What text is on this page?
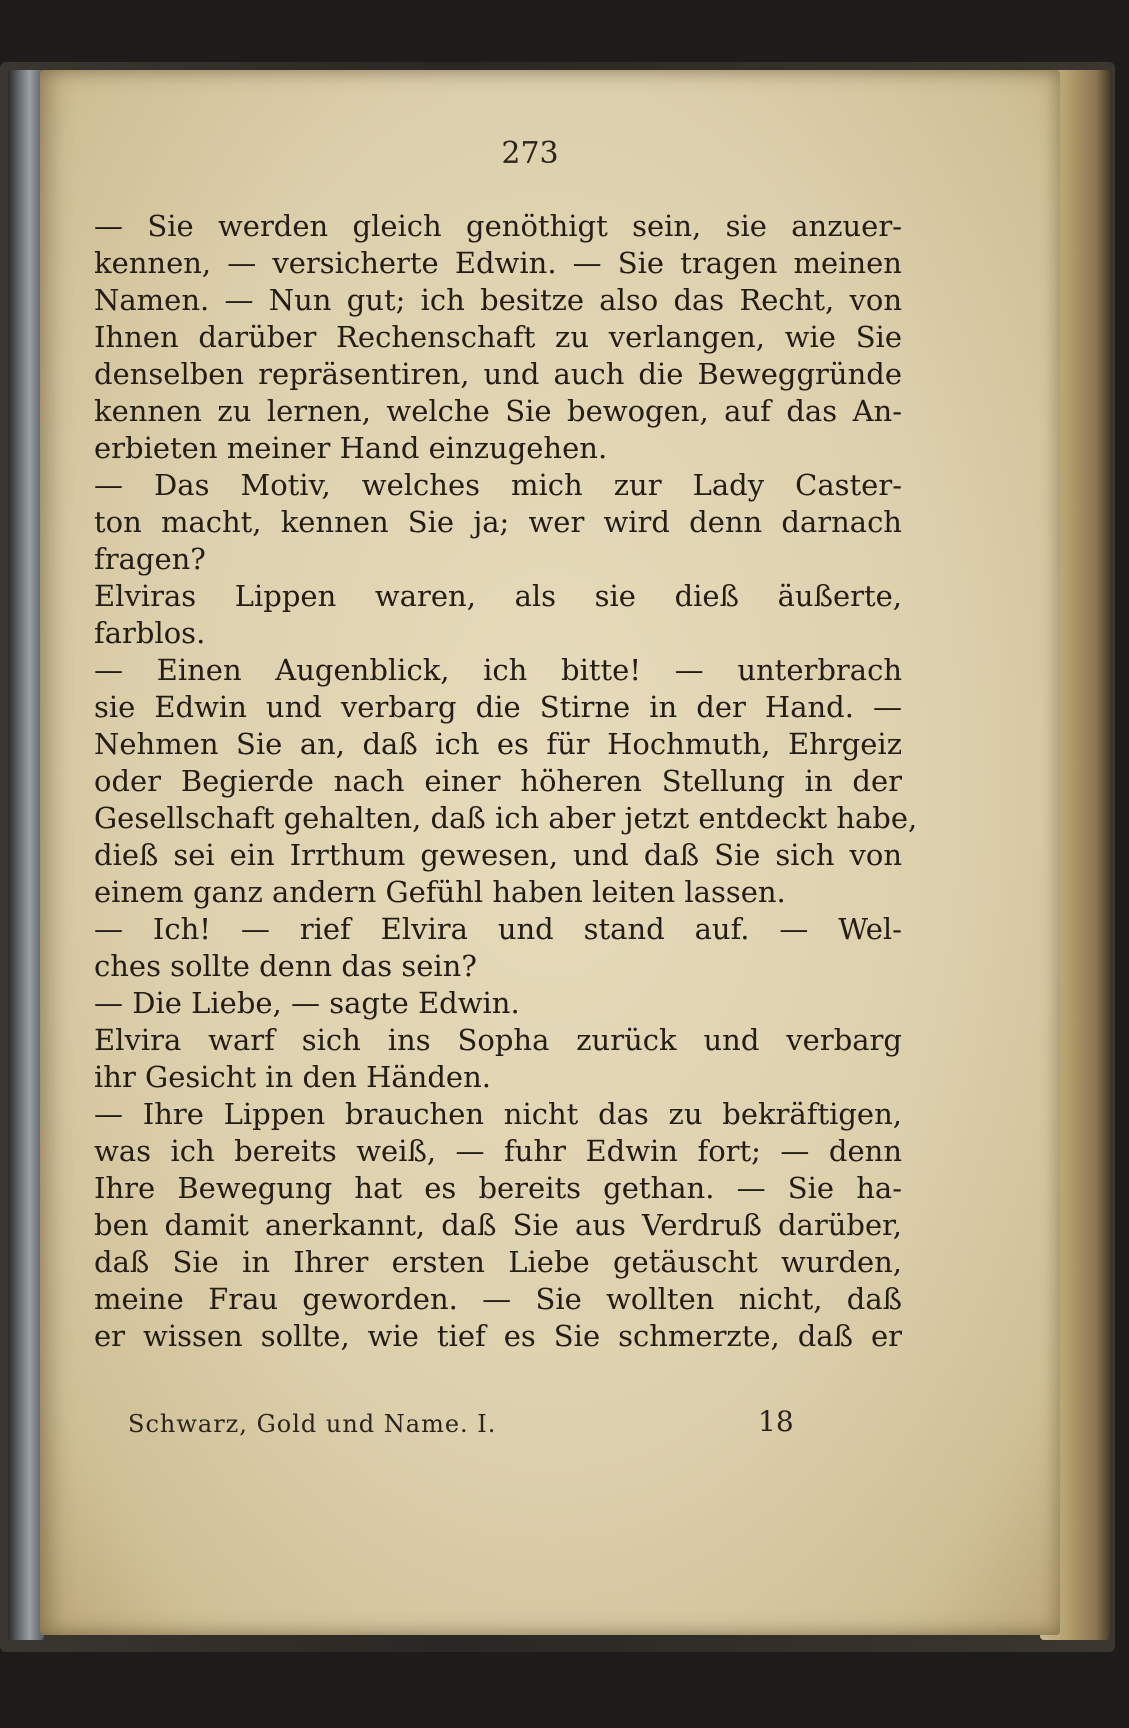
273
— Sie werden gleich genöthigt sein, sie anzuer-
kennen, — versicherte Edwin. — Sie tragen meinen
Namen. — Nun gut; ich besitze also das Recht, von
Ihnen darüber Rechenschaft zu verlangen, wie Sie
denselben repräsentiren, und auch die Beweggründe
kennen zu lernen, welche Sie bewogen, auf das An-
erbieten meiner Hand einzugehen.
— Das Motiv, welches mich zur Lady Caster-
ton macht, kennen Sie ja; wer wird denn darnach
fragen?
Elviras Lippen waren, als sie dieß äußerte,
farblos.
— Einen Augenblick, ich bitte! — unterbrach
sie Edwin und verbarg die Stirne in der Hand. —
Nehmen Sie an, daß ich es für Hochmuth, Ehrgeiz
oder Begierde nach einer höheren Stellung in der
Gesellschaft gehalten, daß ich aber jetzt entdeckt habe,
dieß sei ein Irrthum gewesen, und daß Sie sich von
einem ganz andern Gefühl haben leiten lassen.
— Ich! — rief Elvira und stand auf. — Wel-
ches sollte denn das sein?
— Die Liebe, — sagte Edwin.
Elvira warf sich ins Sopha zurück und verbarg
ihr Gesicht in den Händen.
— Ihre Lippen brauchen nicht das zu bekräftigen,
was ich bereits weiß, — fuhr Edwin fort; — denn
Ihre Bewegung hat es bereits gethan. — Sie ha-
ben damit anerkannt, daß Sie aus Verdruß darüber,
daß Sie in Ihrer ersten Liebe getäuscht wurden,
meine Frau geworden. — Sie wollten nicht, daß
er wissen sollte, wie tief es Sie schmerzte, daß er
Schwarz, Gold und Name. I.	18
